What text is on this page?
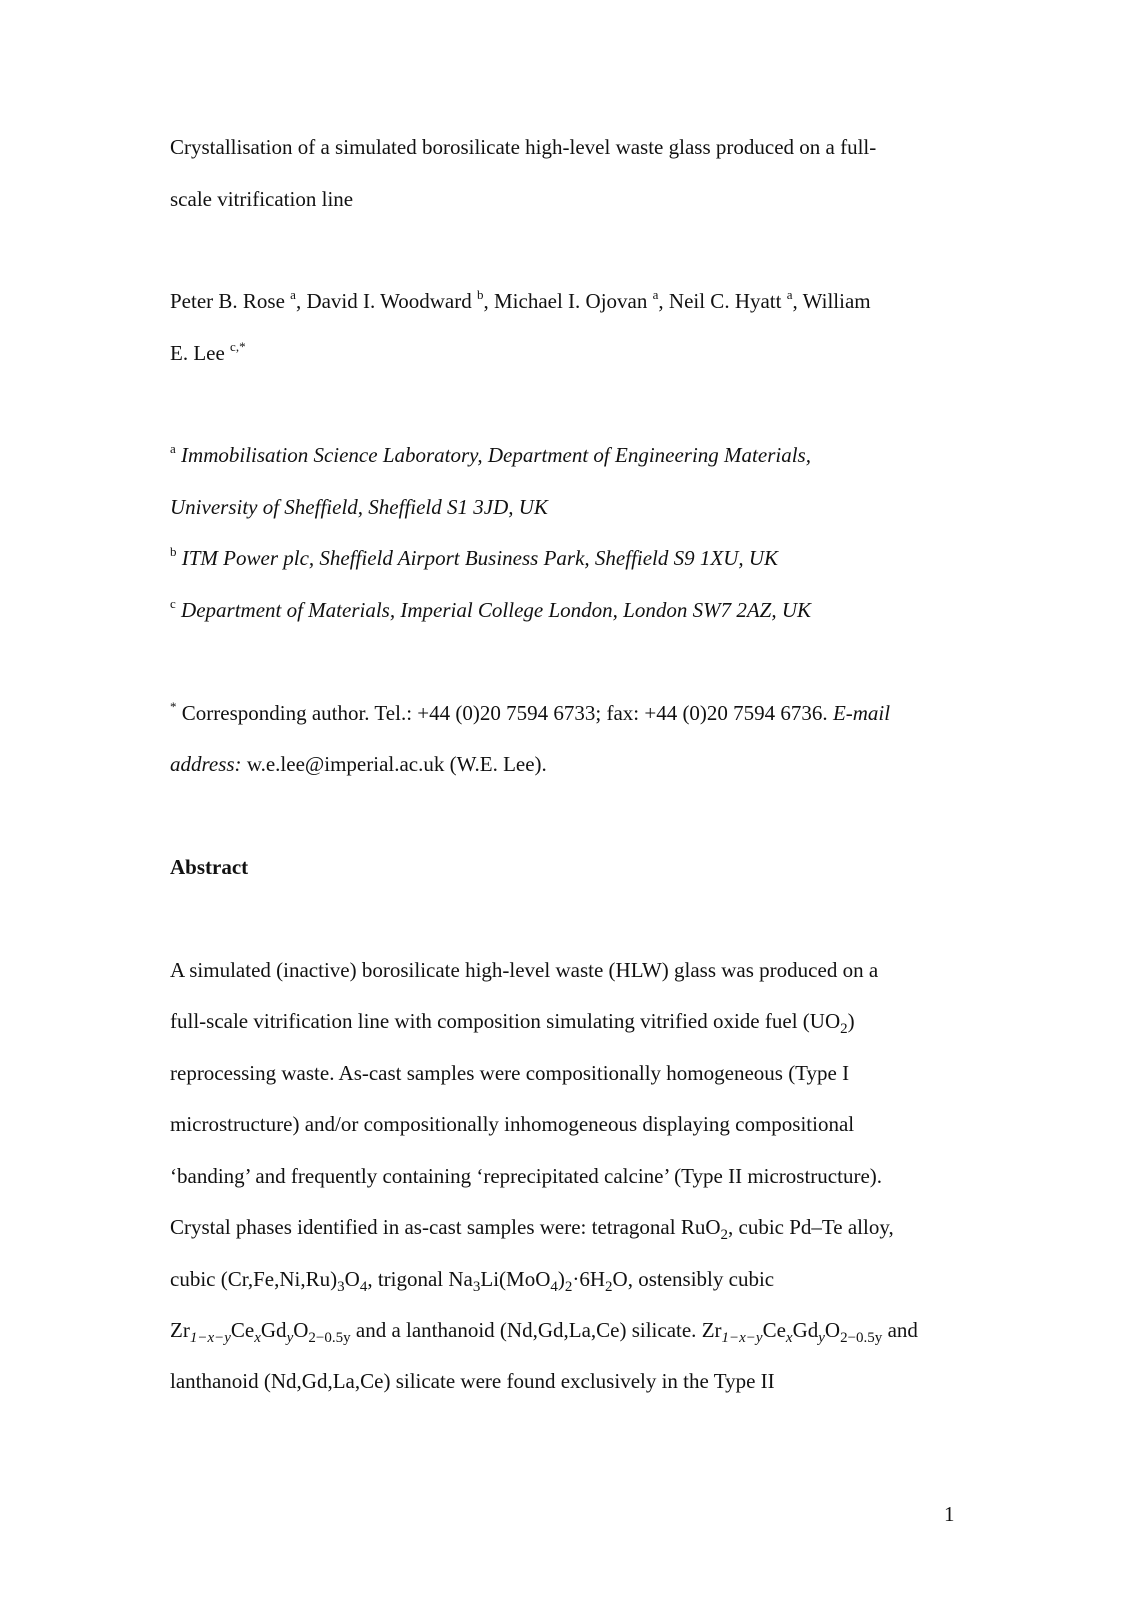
Crystallisation of a simulated borosilicate high-level waste glass produced on a full-
scale vitrification line
Peter B. Rose $^a$, David I. Woodward $^b$, Michael I. Ojovan $^a$, Neil C. Hyatt $^a$, William
E. Lee $^{c,*}$
$^a$ Immobilisation Science Laboratory, Department of Engineering Materials,
University of Sheffield, Sheffield S1 3JD, UK
$^b$ ITM Power plc, Sheffield Airport Business Park, Sheffield S9 1XU, UK
$^c$ Department of Materials, Imperial College London, London SW7 2AZ, UK
* Corresponding author. Tel.: +44 (0)20 7594 6733; fax: +44 (0)20 7594 6736. E-mail
address: w.e.lee@imperial.ac.uk (W.E. Lee).
Abstract
A simulated (inactive) borosilicate high-level waste (HLW) glass was produced on a
full-scale vitrification line with composition simulating vitrified oxide fuel $(UO_2)$
reprocessing waste. As-cast samples were compositionally homogeneous (Type I
microstructure) and/or compositionally inhomogeneous displaying compositional
‘banding’ and frequently containing ‘reprecipitated calcine’ (Type II microstructure).
Crystal phases identified in as-cast samples were: tetragonal RuO$_2$, cubic Pd–Te alloy,
cubic $(Cr,Fe,Ni,Ru)_3O_4$, trigonal $Na_3Li(MoO_4)_2\cdot 6H_2O$, ostensibly cubic
$Zr_{1-x-y}Ce_xGd_yO_{2-0.5y}$ and a lanthanoid (Nd,Gd,La,Ce) silicate. $Zr_{1-x-y}Ce_xGd_yO_{2-0.5y}$ and
lanthanoid (Nd,Gd,La,Ce) silicate were found exclusively in the Type II
1
